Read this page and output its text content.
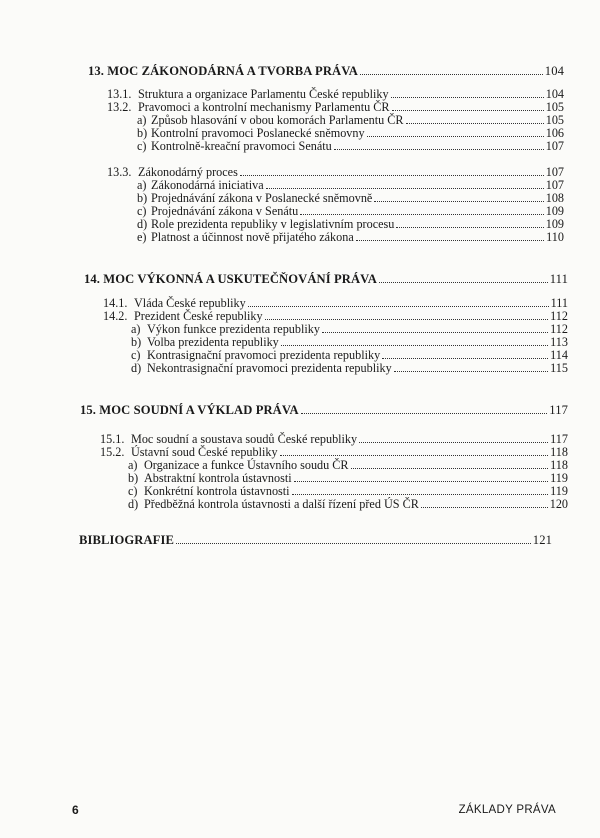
13. MOC ZÁKONODÁRNÁ A TVORBA PRÁVA	104
13.1. Struktura a organizace Parlamentu České republiky	104
13.2. Pravomoci a kontrolní mechanismy Parlamentu ČR	105
a) Způsob hlasování v obou komorách Parlamentu ČR	105
b) Kontrolní pravomoci Poslanecké sněmovny	106
c) Kontrolně-kreační pravomoci Senátu	107
13.3. Zákonodárný proces	107
a) Zákonodárná iniciativa	107
b) Projednávání zákona v Poslanecké sněmovně	108
c) Projednávání zákona v Senátu	109
d) Role prezidenta republiky v legislativním procesu	109
e) Platnost a účinnost nově přijatého zákona	110
14. MOC VÝKONNÁ A USKUTEČŇOVÁNÍ PRÁVA	111
14.1. Vláda České republiky	111
14.2. Prezident České republiky	112
a) Výkon funkce prezidenta republiky	112
b) Volba prezidenta republiky	113
c) Kontrasignační pravomoci prezidenta republiky	114
d) Nekontrasignační pravomoci prezidenta republiky	115
15. MOC SOUDNÍ A VÝKLAD PRÁVA	117
15.1. Moc soudní a soustava soudů České republiky	117
15.2. Ústavní soud České republiky	118
a) Organizace a funkce Ústavního soudu ČR	118
b) Abstraktní kontrola ústavnosti	119
c) Konkrétní kontrola ústavnosti	119
d) Předběžná kontrola ústavnosti a další řízení před ÚS ČR	120
BIBLIOGRAFIE	121
6	ZÁKLADY PRÁVA
